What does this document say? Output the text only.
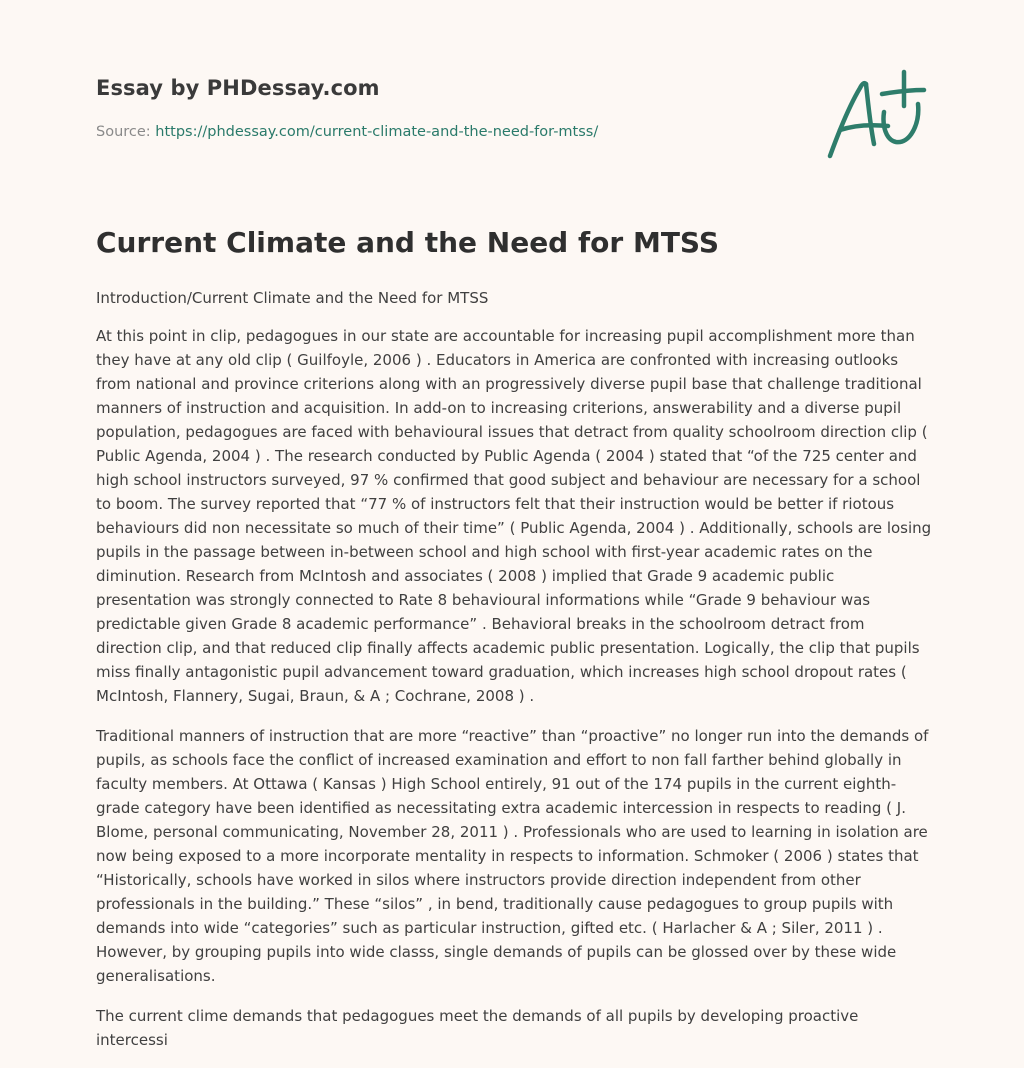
Essay by PHDessay.com
Source: https://phdessay.com/current-climate-and-the-need-for-mtss/
Current Climate and the Need for MTSS

Introduction/Current Climate and the Need for MTSS

At this point in clip, pedagogues in our state are accountable for increasing pupil accomplishment more than they have at any old clip ( Guilfoyle, 2006 ) . Educators in America are confronted with increasing outlooks from national and province criterions along with an progressively diverse pupil base that challenge traditional manners of instruction and acquisition. In add-on to increasing criterions, answerability and a diverse pupil population, pedagogues are faced with behavioural issues that detract from quality schoolroom direction clip ( Public Agenda, 2004 ) . The research conducted by Public Agenda ( 2004 ) stated that “of the 725 center and high school instructors surveyed, 97 % confirmed that good subject and behaviour are necessary for a school to boom. The survey reported that “77 % of instructors felt that their instruction would be better if riotous behaviours did non necessitate so much of their time” ( Public Agenda, 2004 ) . Additionally, schools are losing pupils in the passage between in-between school and high school with first-year academic rates on the diminution. Research from McIntosh and associates ( 2008 ) implied that Grade 9 academic public presentation was strongly connected to Rate 8 behavioural informations while “Grade 9 behaviour was predictable given Grade 8 academic performance” . Behavioral breaks in the schoolroom detract from direction clip, and that reduced clip finally affects academic public presentation. Logically, the clip that pupils miss finally antagonistic pupil advancement toward graduation, which increases high school dropout rates ( McIntosh, Flannery, Sugai, Braun, & A ; Cochrane, 2008 ) .

Traditional manners of instruction that are more “reactive” than “proactive” no longer run into the demands of pupils, as schools face the conflict of increased examination and effort to non fall farther behind globally in faculty members. At Ottawa ( Kansas ) High School entirely, 91 out of the 174 pupils in the current eighth-grade category have been identified as necessitating extra academic intercession in respects to reading ( J. Blome, personal communicating, November 28, 2011 ) . Professionals who are used to learning in isolation are now being exposed to a more incorporate mentality in respects to information. Schmoker ( 2006 ) states that “Historically, schools have worked in silos where instructors provide direction independent from other professionals in the building.” These “silos” , in bend, traditionally cause pedagogues to group pupils with demands into wide “categories” such as particular instruction, gifted etc. ( Harlacher & A ; Siler, 2011 ) . However, by grouping pupils into wide classs, single demands of pupils can be glossed over by these wide generalisations.

The current clime demands that pedagogues meet the demands of all pupils by developing proactive intercessi
